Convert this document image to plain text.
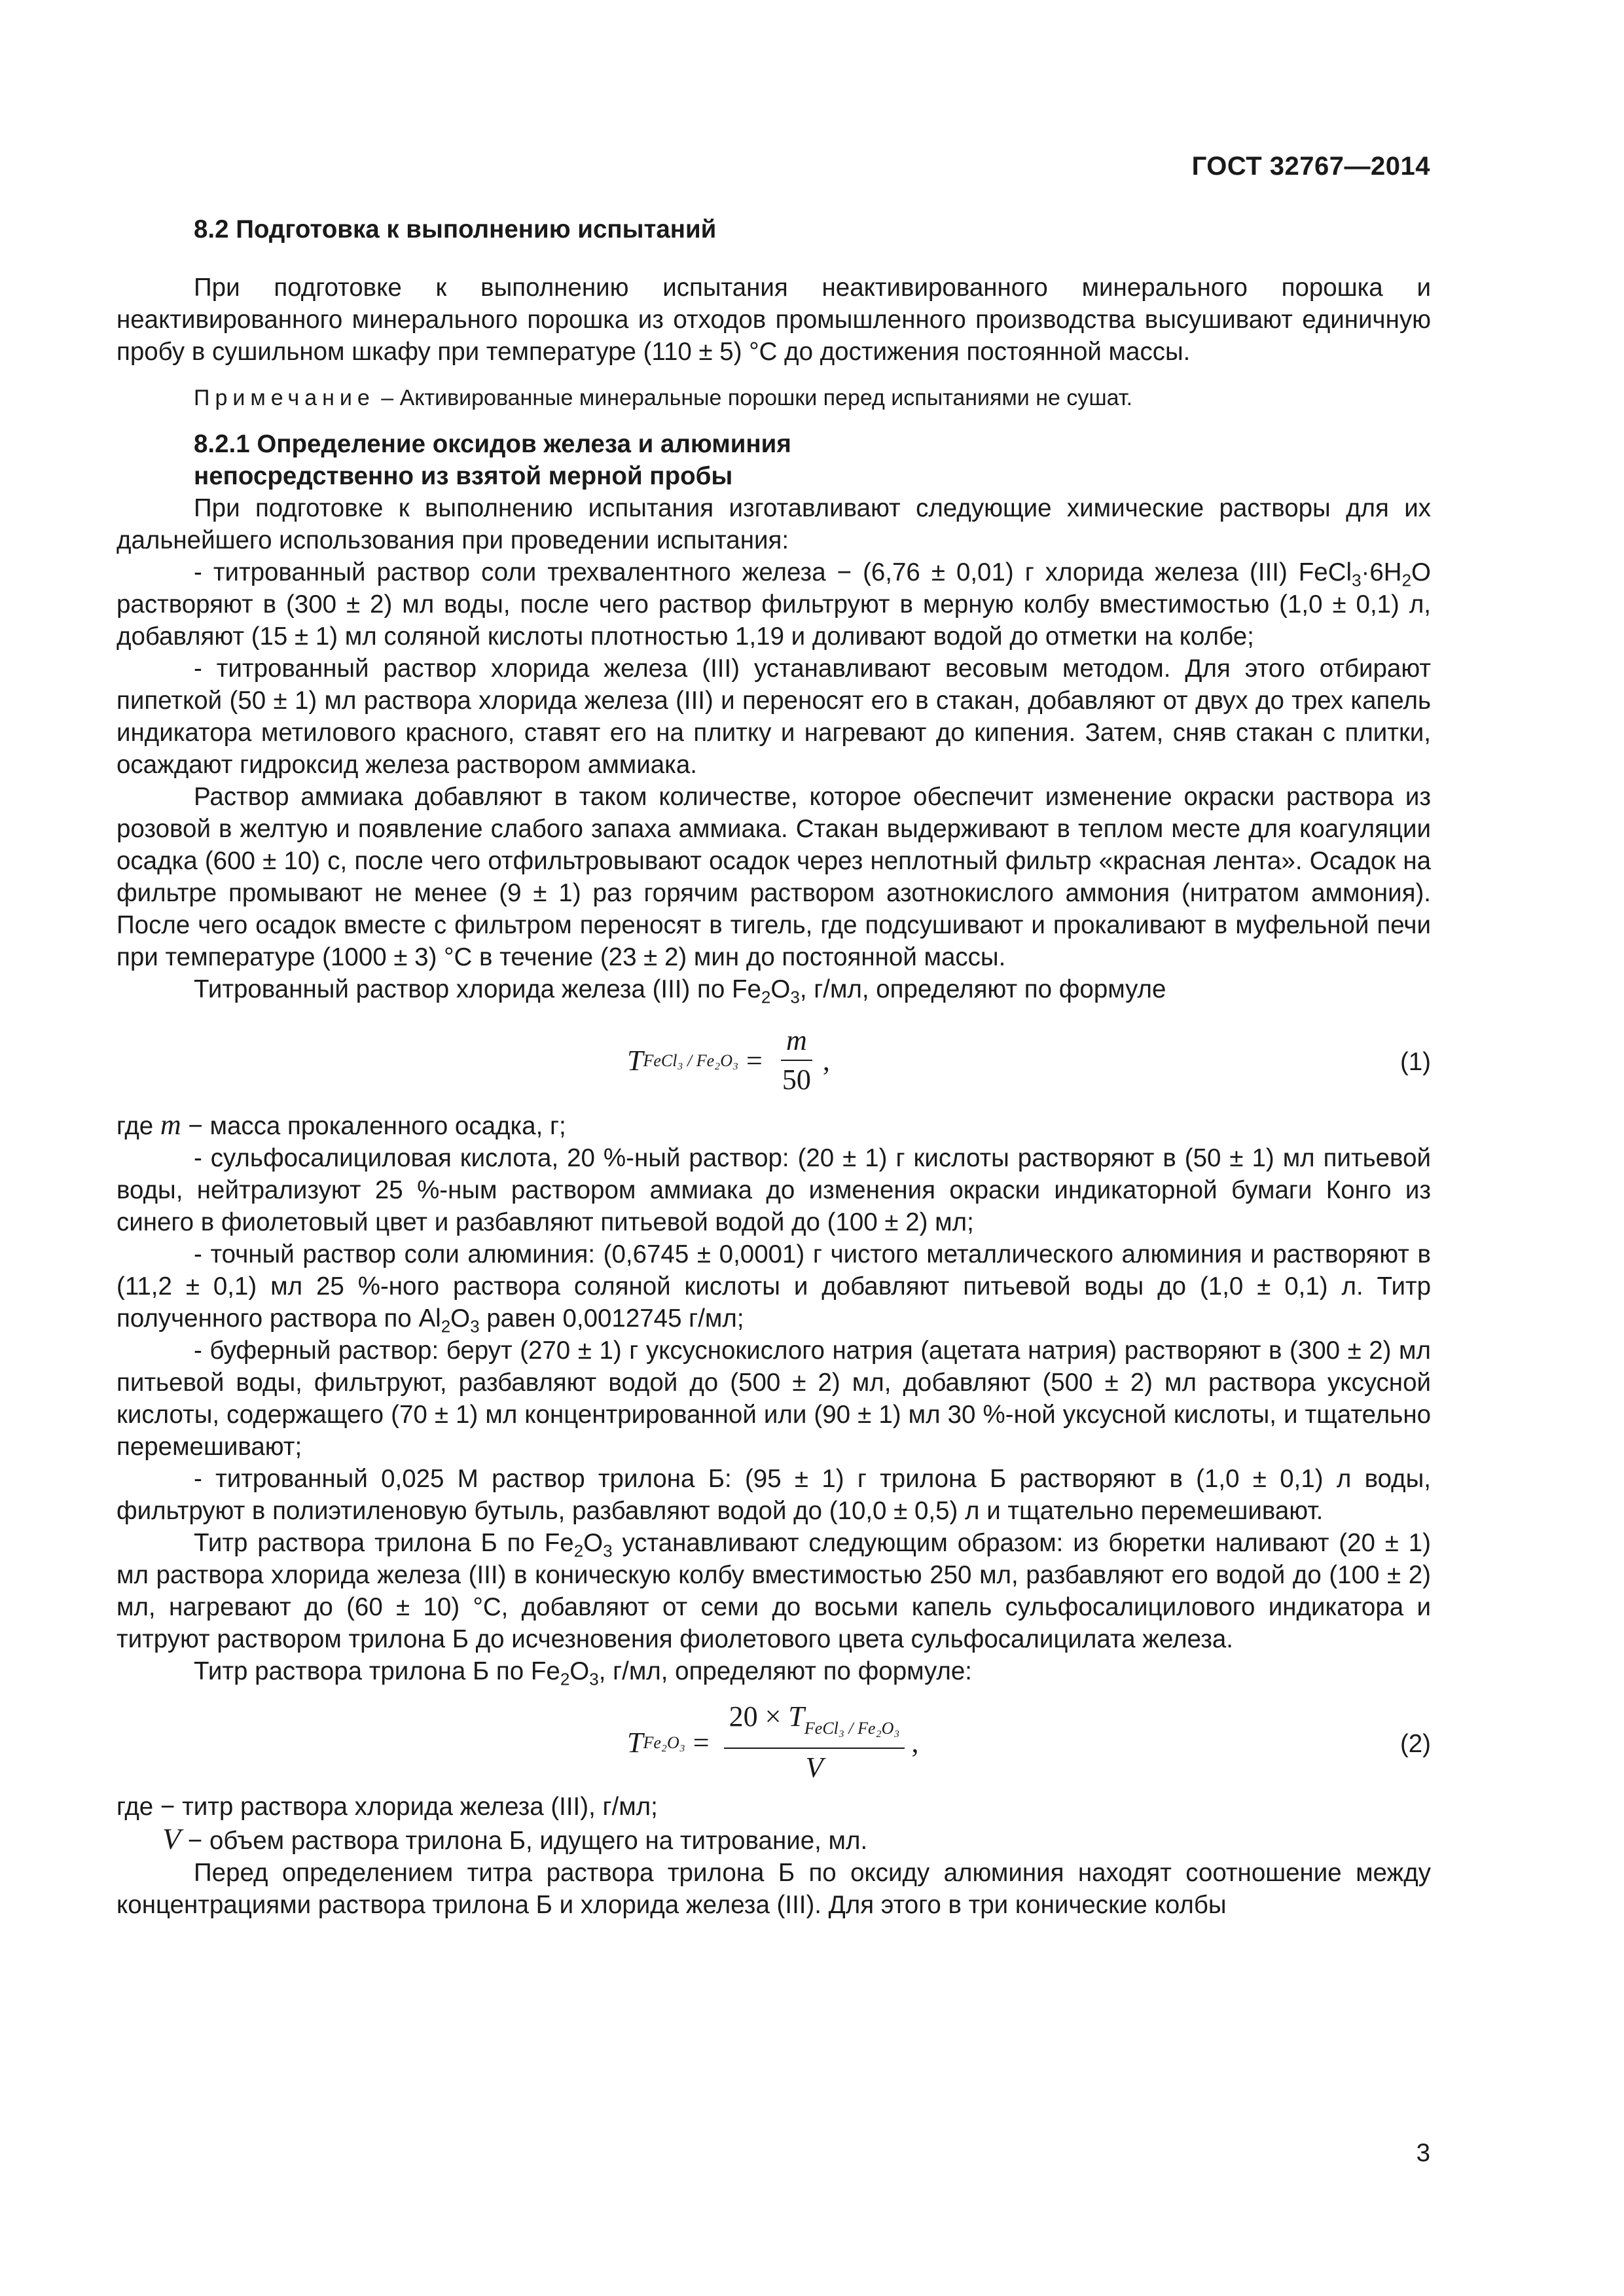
ГОСТ 32767—2014

8.2 Подготовка к выполнению испытаний

При подготовке к выполнению испытания неактивированного минерального порошка и неактивированного минерального порошка из отходов промышленного производства высушивают единичную пробу в сушильном шкафу при температуре (110 ± 5) °С до достижения постоянной массы.

Примечание – Активированные минеральные порошки перед испытаниями не сушат.

8.2.1 Определение оксидов железа и алюминия

непосредственно из взятой мерной пробы

При подготовке к выполнению испытания изготавливают следующие химические растворы для их дальнейшего использования при проведении испытания:

- титрованный раствор соли трехвалентного железа − (6,76 ± 0,01) г хлорида железа (III) $FeCl_3\cdot 6H_2O$ растворяют в (300 ± 2) мл воды, после чего раствор фильтруют в мерную колбу вместимостью (1,0 ± 0,1) л, добавляют (15 ± 1) мл соляной кислоты плотностью 1,19 и доливают водой до отметки на колбе;

- титрованный раствор хлорида железа (III) устанавливают весовым методом. Для этого отбирают пипеткой (50 ± 1) мл раствора хлорида железа (III) и переносят его в стакан, добавляют от двух до трех капель индикатора метилового красного, ставят его на плитку и нагревают до кипения. Затем, сняв стакан с плитки, осаждают гидроксид железа раствором аммиака.

Раствор аммиака добавляют в таком количестве, которое обеспечит изменение окраски раствора из розовой в желтую и появление слабого запаха аммиака. Стакан выдерживают в теплом месте для коагуляции осадка (600 ± 10) с, после чего отфильтровывают осадок через неплотный фильтр «красная лента». Осадок на фильтре промывают не менее (9 ± 1) раз горячим раствором азотнокислого аммония (нитратом аммония). После чего осадок вместе с фильтром переносят в тигель, где подсушивают и прокаливают в муфельной печи при температуре (1000 ± 3) °С в течение (23 ± 2) мин до постоянной массы.

Титрованный раствор хлорида железа (III) по $Fe_2O_3$, г/мл, определяют по формуле

T FeCl₃ / $Fe_2O_3 = \frac{m}{50}$ ,	(1)

где m − масса прокаленного осадка, г;

- сульфосалициловая кислота, 20 %-ный раствор: (20 ± 1) г кислоты растворяют в (50 ± 1) мл питьевой воды, нейтрализуют 25 %-ным раствором аммиака до изменения окраски индикаторной бумаги Конго из синего в фиолетовый цвет и разбавляют питьевой водой до (100 ± 2) мл;

- точный раствор соли алюминия: (0,6745 ± 0,0001) г чистого металлического алюминия и растворяют в (11,2 ± 0,1) мл 25 %-ного раствора соляной кислоты и добавляют питьевой воды до (1,0 ± 0,1) л. Титр полученного раствора по $Al_2O_3$ равен 0,0012745 г/мл;

- буферный раствор: берут (270 ± 1) г уксуснокислого натрия (ацетата натрия) растворяют в (300 ± 2) мл питьевой воды, фильтруют, разбавляют водой до (500 ± 2) мл, добавляют (500 ± 2) мл раствора уксусной кислоты, содержащего (70 ± 1) мл концентрированной или (90 ± 1) мл 30 %-ной уксусной кислоты, и тщательно перемешивают;

- титрованный 0,025 М раствор трилона Б: (95 ± 1) г трилона Б растворяют в (1,0 ± 0,1) л воды, фильтруют в полиэтиленовую бутыль, разбавляют водой до (10,0 ± 0,5) л и тщательно перемешивают.

Титр раствора трилона Б по $Fe_2O_3$ устанавливают следующим образом: из бюретки наливают (20 ± 1) мл раствора хлорида железа (III) в коническую колбу вместимостью 250 мл, разбавляют его водой до (100 ± 2) мл, нагревают до (60 ± 10) °С, добавляют от семи до восьми капель сульфосалицилового индикатора и титруют раствором трилона Б до исчезновения фиолетового цвета сульфосалицилата железа.

Титр раствора трилона Б по $Fe_2O_3$, г/мл, определяют по формуле:

T $Fe_2O_3 = \frac{20 \times T_{FeCl_3 / Fe_2O_3}}{V}$ ,	(2)

где − титр раствора хлорида железа (III), г/мл;

V − объем раствора трилона Б, идущего на титрование, мл.

Перед определением титра раствора трилона Б по оксиду алюминия находят соотношение между концентрациями раствора трилона Б и хлорида железа (III). Для этого в три конические колбы

3
